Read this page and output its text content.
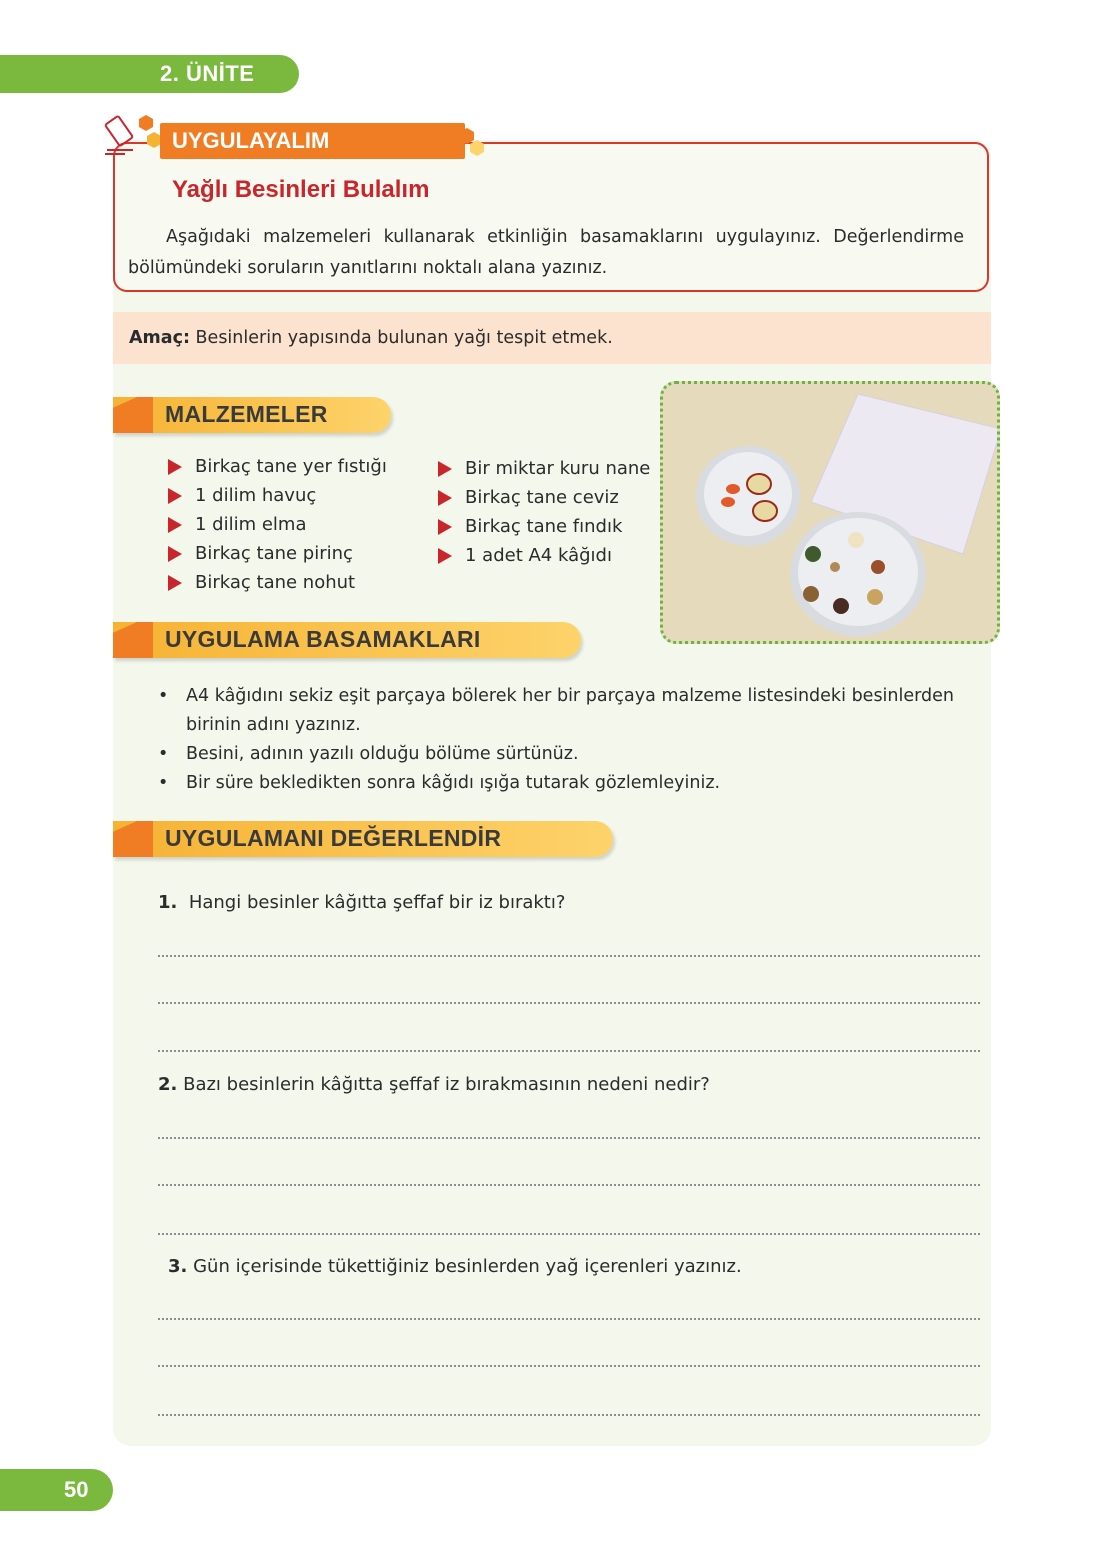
2. ÜNİTE
UYGULAYALIM
Yağlı Besinleri Bulalım
Aşağıdaki malzemeleri kullanarak etkinliğin basamaklarını uygulayınız. Değerlendirme bölümündeki soruların yanıtlarını noktalı alana yazınız.
Amaç: Besinlerin yapısında bulunan yağı tespit etmek.
MALZEMELER
Birkaç tane yer fıstığı
1 dilim havuç
1 dilim elma
Birkaç tane pirinç
Birkaç tane nohut
Bir miktar kuru nane
Birkaç tane ceviz
Birkaç tane fındık
1 adet A4 kâğıdı
UYGULAMA BASAMAKLARI
• A4 kâğıdını sekiz eşit parçaya bölerek her bir parçaya malzeme listesindeki besinlerden birinin adını yazınız.
• Besini, adının yazılı olduğu bölüme sürtünüz.
• Bir süre bekledikten sonra kâğıdı ışığa tutarak gözlemleyiniz.
UYGULAMANI DEĞERLENDİR
1. Hangi besinler kâğıtta şeffaf bir iz bıraktı?
2. Bazı besinlerin kâğıtta şeffaf iz bırakmasının nedeni nedir?
3. Gün içerisinde tükettiğiniz besinlerden yağ içerenleri yazınız.
50
